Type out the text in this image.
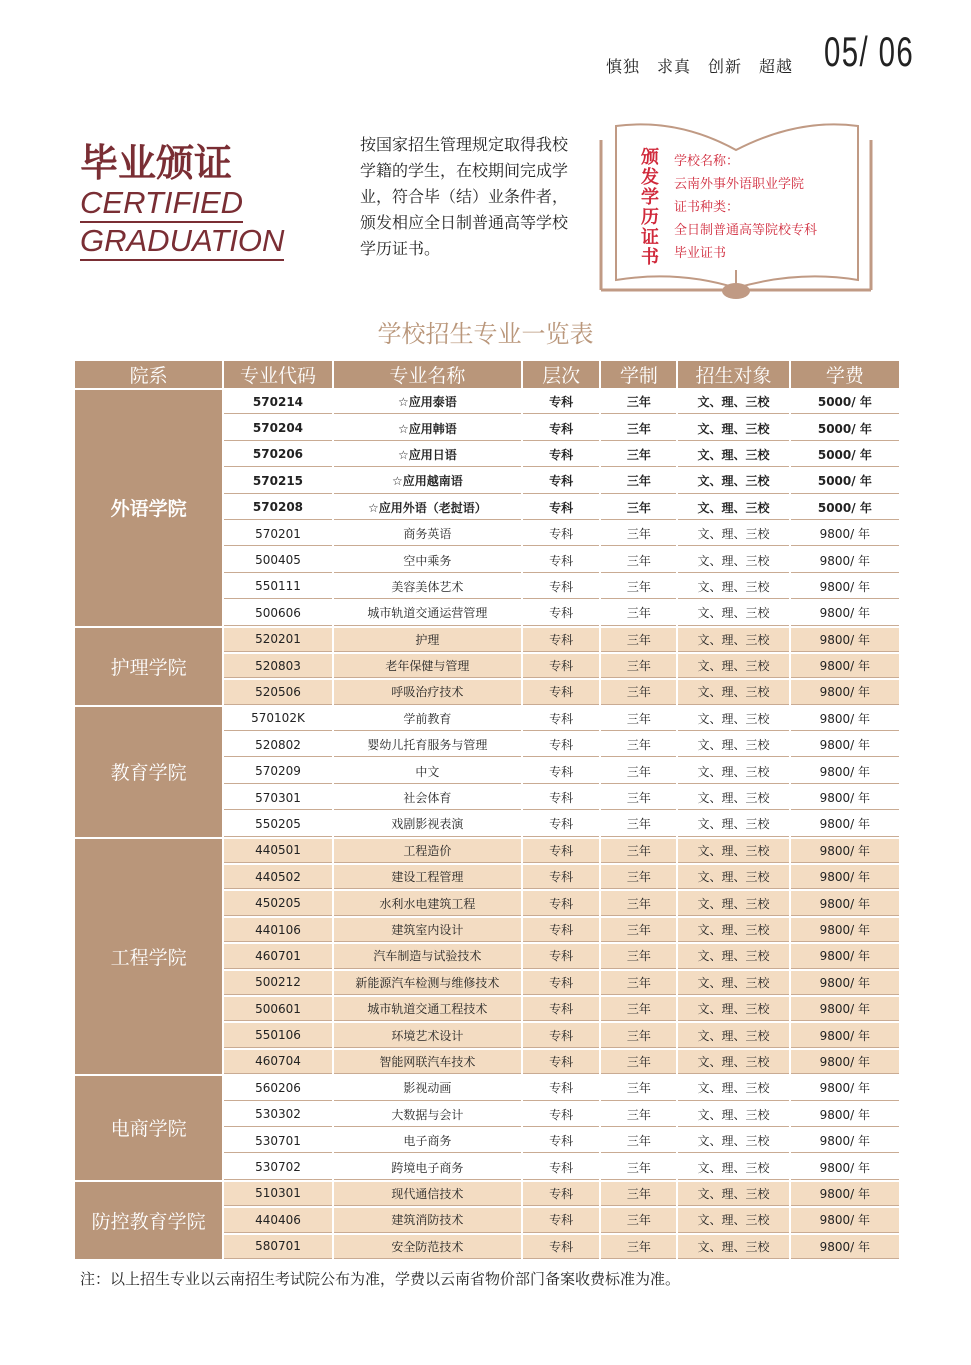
慎独　求真　创新　超越 05/ 06
毕业颁证
CERTIFIED
GRADUATION
按国家招生管理规定取得我校学籍的学生，在校期间完成学业，符合毕（结）业条件者，颁发相应全日制普通高等学校学历证书。
颁发学历证书
学校名称：
云南外事外语职业学院
证书种类：
全日制普通高等院校专科
毕业证书
学校招生专业一览表
院系	专业代码	专业名称	层次	学制	招生对象	学费
外语学院	570214	☆应用泰语	专科	三年	文、理、三校	5000/ 年
	570204	☆应用韩语	专科	三年	文、理、三校	5000/ 年
	570206	☆应用日语	专科	三年	文、理、三校	5000/ 年
	570215	☆应用越南语	专科	三年	文、理、三校	5000/ 年
	570208	☆应用外语（老挝语）	专科	三年	文、理、三校	5000/ 年
	570201	商务英语	专科	三年	文、理、三校	9800/ 年
	500405	空中乘务	专科	三年	文、理、三校	9800/ 年
	550111	美容美体艺术	专科	三年	文、理、三校	9800/ 年
	500606	城市轨道交通运营管理	专科	三年	文、理、三校	9800/ 年
护理学院	520201	护理	专科	三年	文、理、三校	9800/ 年
	520803	老年保健与管理	专科	三年	文、理、三校	9800/ 年
	520506	呼吸治疗技术	专科	三年	文、理、三校	9800/ 年
教育学院	570102K	学前教育	专科	三年	文、理、三校	9800/ 年
	520802	婴幼儿托育服务与管理	专科	三年	文、理、三校	9800/ 年
	570209	中文	专科	三年	文、理、三校	9800/ 年
	570301	社会体育	专科	三年	文、理、三校	9800/ 年
	550205	戏剧影视表演	专科	三年	文、理、三校	9800/ 年
工程学院	440501	工程造价	专科	三年	文、理、三校	9800/ 年
	440502	建设工程管理	专科	三年	文、理、三校	9800/ 年
	450205	水利水电建筑工程	专科	三年	文、理、三校	9800/ 年
	440106	建筑室内设计	专科	三年	文、理、三校	9800/ 年
	460701	汽车制造与试验技术	专科	三年	文、理、三校	9800/ 年
	500212	新能源汽车检测与维修技术	专科	三年	文、理、三校	9800/ 年
	500601	城市轨道交通工程技术	专科	三年	文、理、三校	9800/ 年
	550106	环境艺术设计	专科	三年	文、理、三校	9800/ 年
	460704	智能网联汽车技术	专科	三年	文、理、三校	9800/ 年
电商学院	560206	影视动画	专科	三年	文、理、三校	9800/ 年
	530302	大数据与会计	专科	三年	文、理、三校	9800/ 年
	530701	电子商务	专科	三年	文、理、三校	9800/ 年
	530702	跨境电子商务	专科	三年	文、理、三校	9800/ 年
防控教育学院	510301	现代通信技术	专科	三年	文、理、三校	9800/ 年
	440406	建筑消防技术	专科	三年	文、理、三校	9800/ 年
	580701	安全防范技术	专科	三年	文、理、三校	9800/ 年
注：以上招生专业以云南招生考试院公布为准，学费以云南省物价部门备案收费标准为准。
